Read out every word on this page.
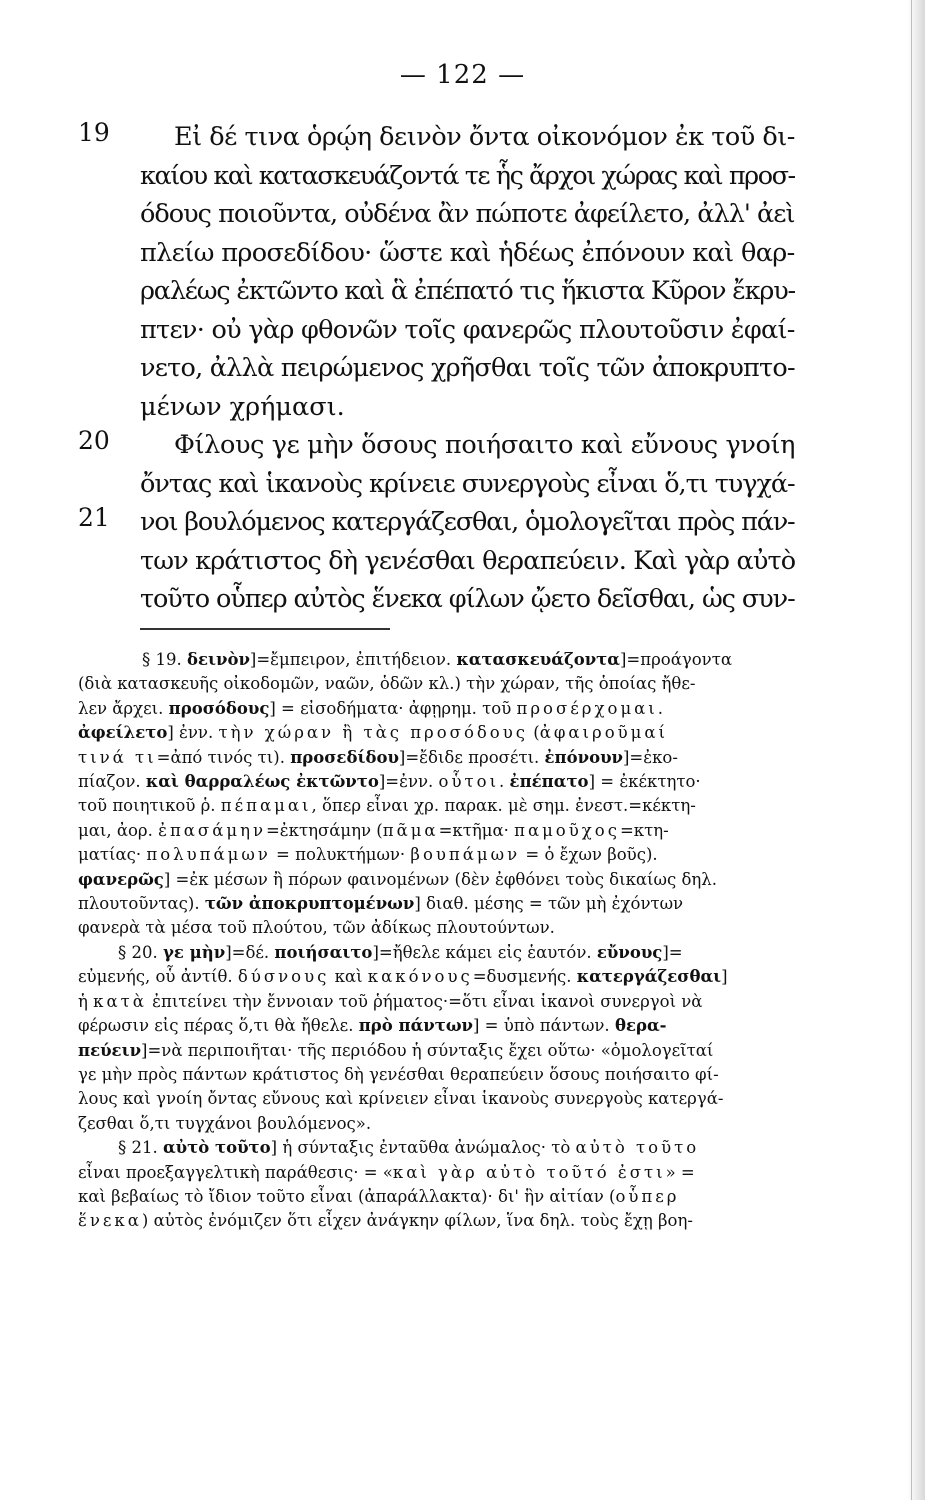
— 122 —
19
20
21
Εἰ δέ τινα ὁρῴη δεινὸν ὄντα οἰκονόμον ἐκ τοῦ δι-
καίου καὶ κατασκευάζοντά τε ἧς ἄρχοι χώρας καὶ προσ-
όδους ποιοῦντα, οὐδένα ἂν πώποτε ἀφείλετο, ἀλλ' ἀεὶ
πλείω προσεδίδου· ὥστε καὶ ἡδέως ἐπόνουν καὶ θαρ-
ραλέως ἐκτῶντο καὶ ἃ ἐπέπατό τις ἥκιστα Κῦρον ἔκρυ-
πτεν· οὐ γὰρ φθονῶν τοῖς φανερῶς πλουτοῦσιν ἐφαί-
νετο, ἀλλὰ πειρώμενος χρῆσθαι τοῖς τῶν ἀποκρυπτο-
μένων χρήμασι.
Φίλους γε μὴν ὅσους ποιήσαιτο καὶ εὔνους γνοίη
ὄντας καὶ ἱκανοὺς κρίνειε συνεργοὺς εἶναι ὅ,τι τυγχά-
νοι βουλόμενος κατεργάζεσθαι, ὁμολογεῖται πρὸς πάν-
των κράτιστος δὴ γενέσθαι θεραπεύειν. Καὶ γὰρ αὐτὸ
τοῦτο οὗπερ αὐτὸς ἕνεκα φίλων ᾤετο δεῖσθαι, ὡς συν-

§ 19. δεινὸν]=ἔμπειρον, ἐπιτήδειον. κατασκευάζοντα]=προάγοντα

(διὰ κατασκευῆς οἰκοδομῶν, ναῶν, ὁδῶν κλ.) τὴν χώραν, τῆς ὁποίας ἤθε-

λεν ἄρχει. προσόδους] = εἰσοδήματα· ἀφῃρημ. τοῦ προσέρχομαι.

ἀφείλετο] ἐνν. τὴν χώραν ἢ τὰς προσόδους (ἀφαιροῦμαί

τινά τι=ἀπό τινός τι). προσεδίδου]=ἔδιδε προσέτι. ἐπόνουν]=ἐκο-

πίαζον. καὶ θαρραλέως ἐκτῶντο]=ἐνν. οὗτοι. ἐπέπατο] = ἐκέκτητο·

τοῦ ποιητικοῦ ῥ. πέπαμαι, ὅπερ εἶναι χρ. παρακ. μὲ σημ. ἐνεστ.=κέκτη-

μαι, ἀορ. ἐπασάμην=ἐκτησάμην (πᾶμα=κτῆμα· παμοῦχος=κτη-

ματίας· πολυπάμων = πολυκτήμων· βουπάμων = ὁ ἔχων βοῦς).

φανερῶς] =ἐκ μέσων ἢ πόρων φαινομένων (δὲν ἐφθόνει τοὺς δικαίως δηλ.

πλουτοῦντας). τῶν ἀποκρυπτομένων] διαθ. μέσης = τῶν μὴ ἐχόντων

φανερὰ τὰ μέσα τοῦ πλούτου, τῶν ἀδίκως πλουτούντων.

§ 20. γε μὴν]=δέ. ποιήσαιτο]=ἤθελε κάμει εἰς ἑαυτόν. εὔνους]=

εὐμενής, οὗ ἀντίθ. δύσνους καὶ κακόνους=δυσμενής. κατεργάζεσθαι]

ἡ κατὰ ἐπιτείνει τὴν ἔννοιαν τοῦ ῥήματος·=ὅτι εἶναι ἱκανοὶ συνεργοὶ νὰ

φέρωσιν εἰς πέρας ὅ,τι θὰ ἤθελε. πρὸ πάντων] = ὑπὸ πάντων. θερα-

πεύειν]=νὰ περιποιῆται· τῆς περιόδου ἡ σύνταξις ἔχει οὕτω· «ὁμολογεῖταί

γε μὴν πρὸς πάντων κράτιστος δὴ γενέσθαι θεραπεύειν ὅσους ποιήσαιτο φί-

λους καὶ γνοίη ὄντας εὔνους καὶ κρίνειεν εἶναι ἱκανοὺς συνεργοὺς κατεργά-

ζεσθαι ὅ,τι τυγχάνοι βουλόμενος».

§ 21. αὐτὸ τοῦτο] ἡ σύνταξις ἐνταῦθα ἀνώμαλος· τὸ αὐτὸ τοῦτο

εἶναι προεξαγγελτικὴ παράθεσις· = «καὶ γὰρ αὐτὸ τοῦτό ἐστι» =

καὶ βεβαίως τὸ ἴδιον τοῦτο εἶναι (ἀπαράλλακτα)· δι' ἣν αἰτίαν (οὗπερ

ἕνεκα) αὐτὸς ἐνόμιζεν ὅτι εἶχεν ἀνάγκην φίλων, ἵνα δηλ. τοὺς ἔχῃ βοη-
